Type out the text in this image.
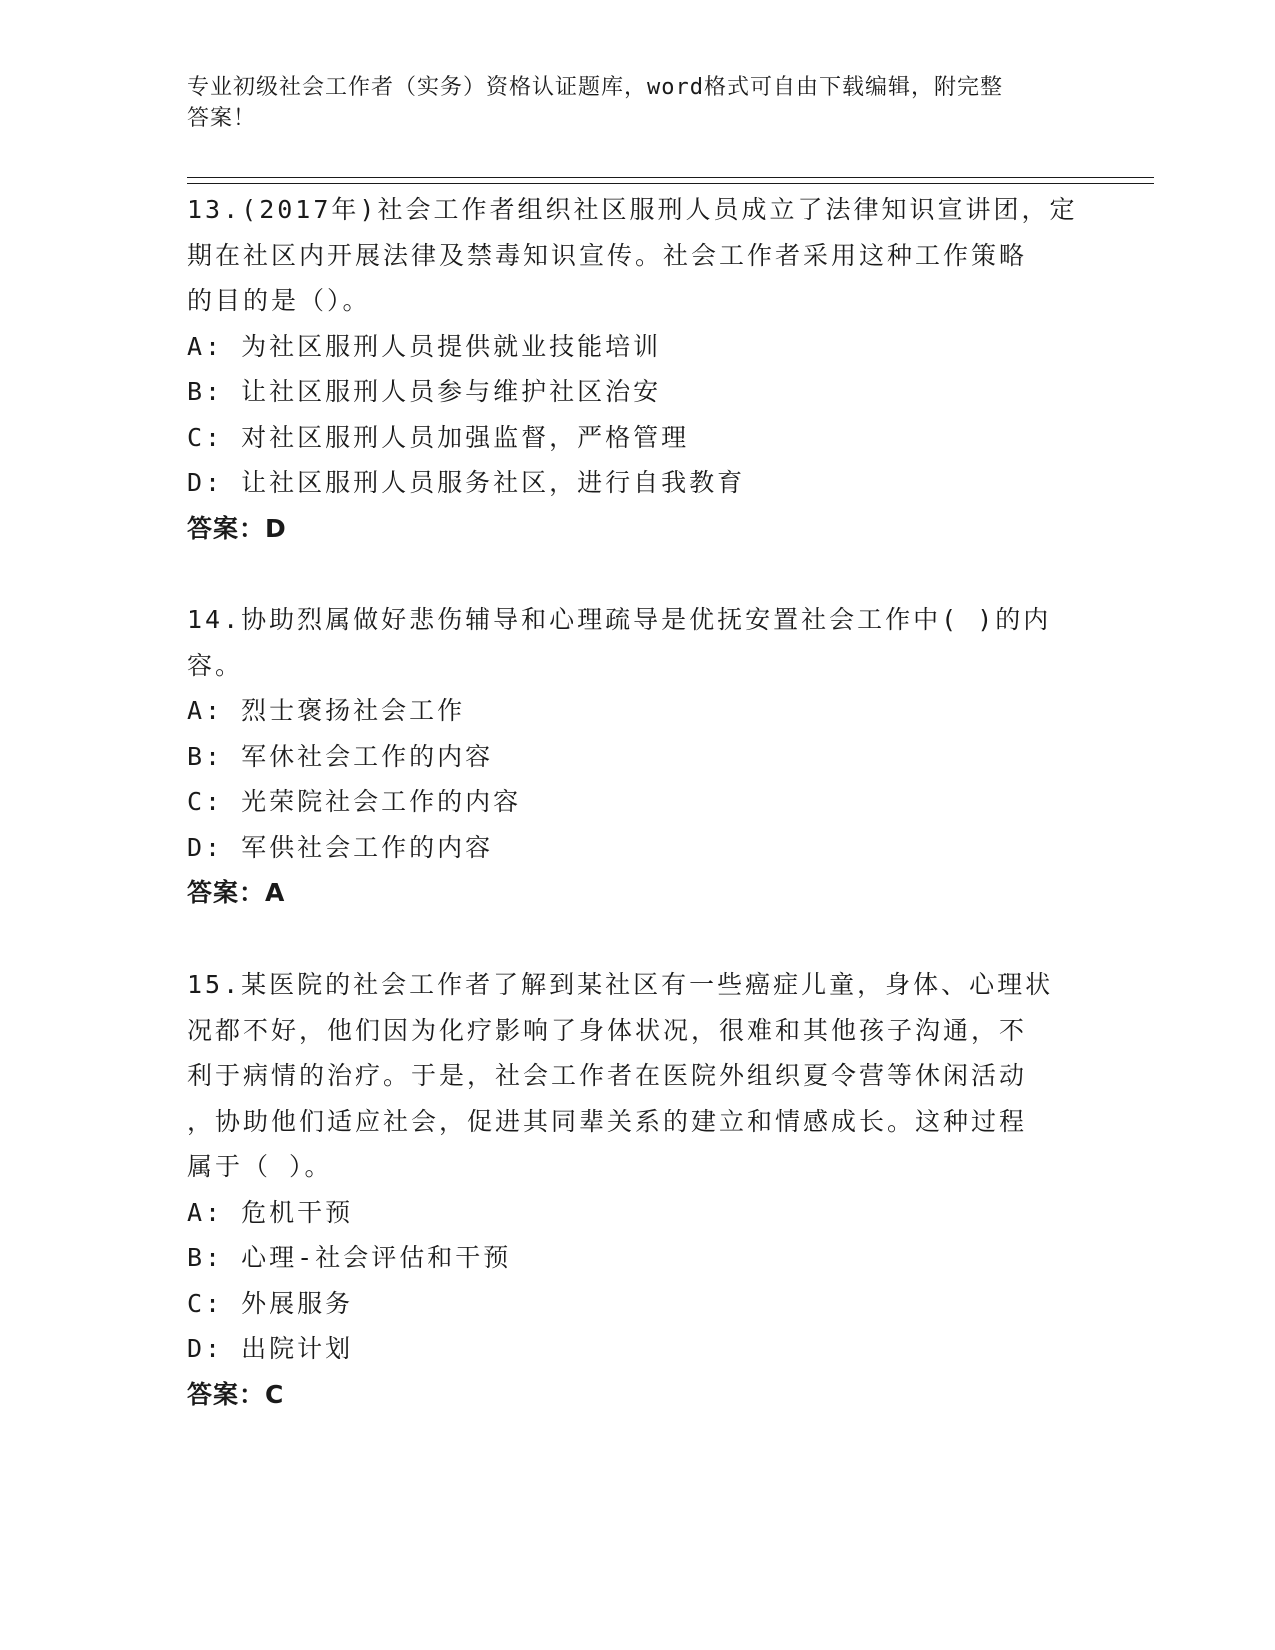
专业初级社会工作者（实务）资格认证题库，word格式可自由下载编辑，附完整
答案！
13.(2017年)社会工作者组织社区服刑人员成立了法律知识宣讲团，定
期在社区内开展法律及禁毒知识宣传。社会工作者采用这种工作策略
的目的是（）。
A: 为社区服刑人员提供就业技能培训
B: 让社区服刑人员参与维护社区治安
C: 对社区服刑人员加强监督，严格管理
D: 让社区服刑人员服务社区，进行自我教育
答案：D
14.协助烈属做好悲伤辅导和心理疏导是优抚安置社会工作中( )的内
容。
A: 烈士褒扬社会工作
B: 军休社会工作的内容
C: 光荣院社会工作的内容
D: 军供社会工作的内容
答案：A
15.某医院的社会工作者了解到某社区有一些癌症儿童，身体、心理状
况都不好，他们因为化疗影响了身体状况，很难和其他孩子沟通，不
利于病情的治疗。于是，社会工作者在医院外组织夏令营等休闲活动
，协助他们适应社会，促进其同辈关系的建立和情感成长。这种过程
属于（ ）。
A: 危机干预
B: 心理-社会评估和干预
C: 外展服务
D: 出院计划
答案：C
